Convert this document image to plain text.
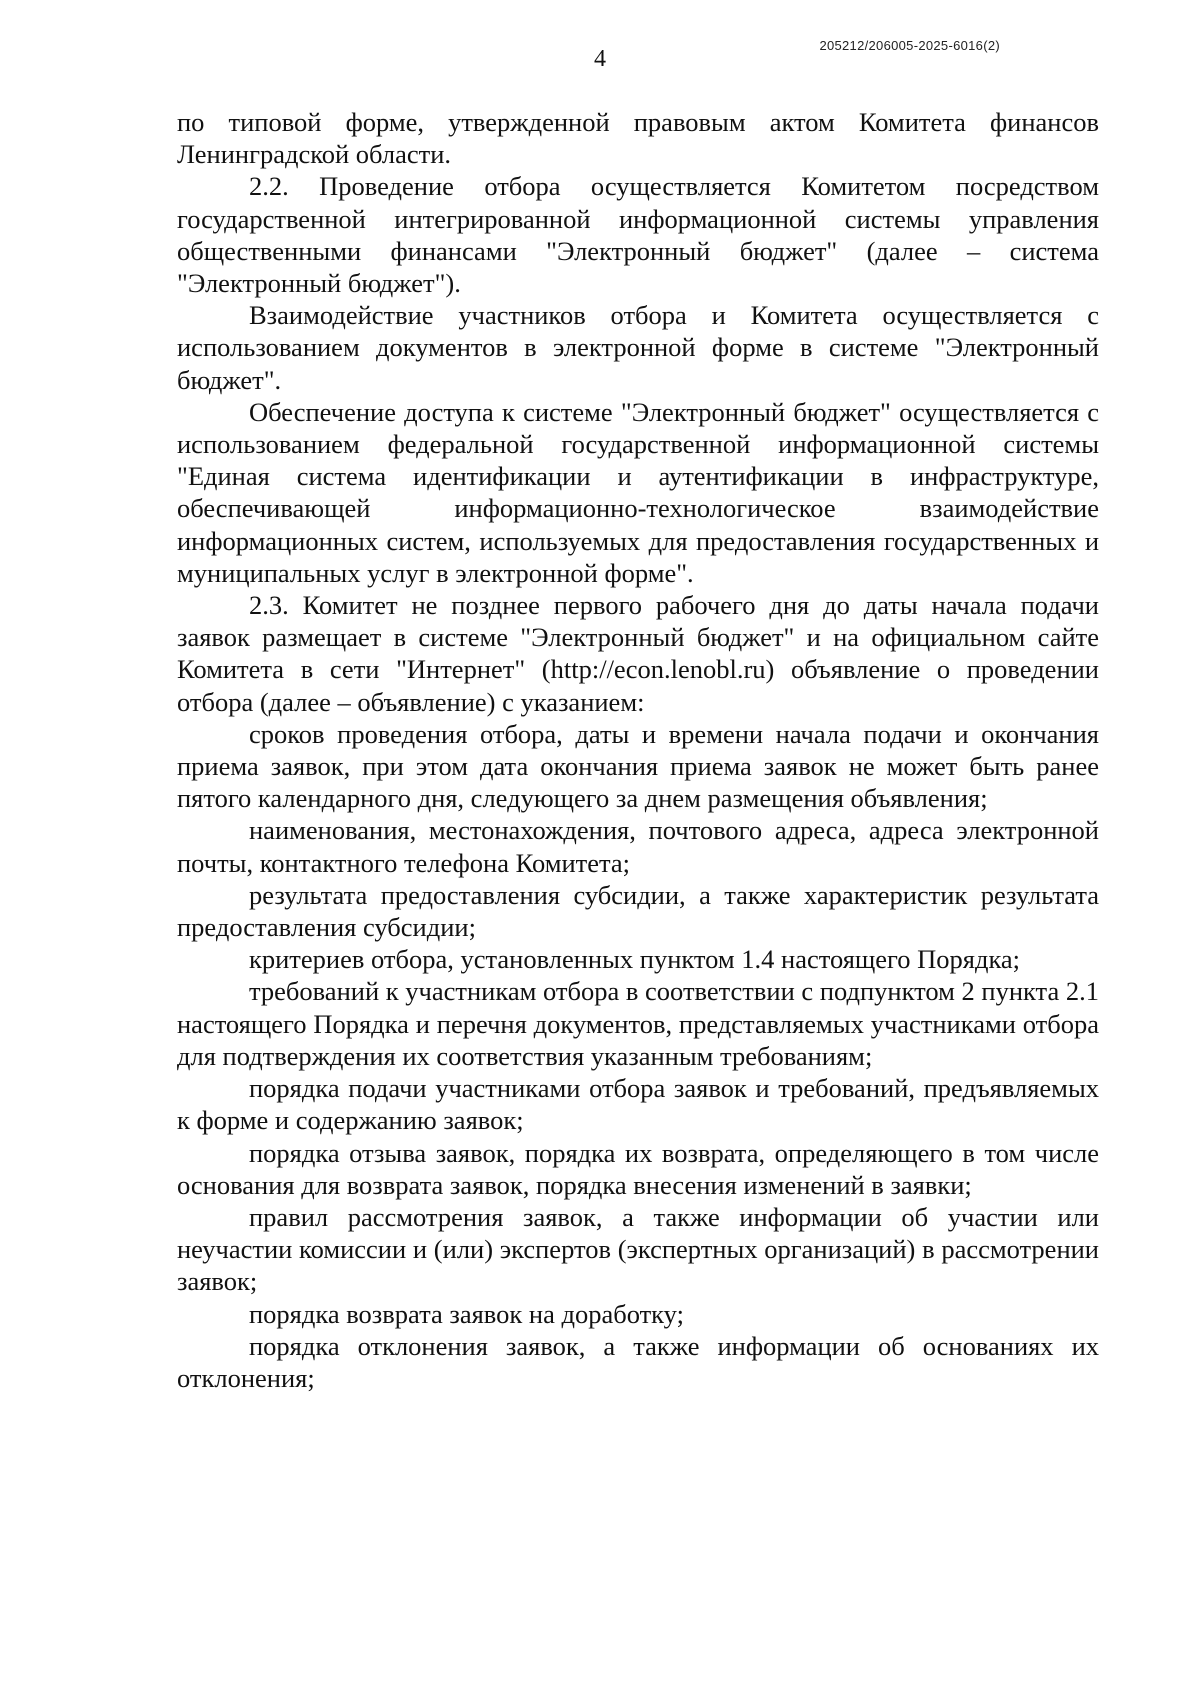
205212/206005-2025-6016(2)
4

по типовой форме, утвержденной правовым актом Комитета финансов Ленинградской области.

2.2. Проведение отбора осуществляется Комитетом посредством государственной интегрированной информационной системы управления общественными финансами "Электронный бюджет" (далее – система "Электронный бюджет").

Взаимодействие участников отбора и Комитета осуществляется с использованием документов в электронной форме в системе "Электронный бюджет".

Обеспечение доступа к системе "Электронный бюджет" осуществляется с использованием федеральной государственной информационной системы "Единая система идентификации и аутентификации в инфраструктуре, обеспечивающей информационно-технологическое взаимодействие информационных систем, используемых для предоставления государственных и муниципальных услуг в электронной форме".

2.3. Комитет не позднее первого рабочего дня до даты начала подачи заявок размещает в системе "Электронный бюджет" и на официальном сайте Комитета в сети "Интернет" (http://econ.lenobl.ru) объявление о проведении отбора (далее – объявление) с указанием:

сроков проведения отбора, даты и времени начала подачи и окончания приема заявок, при этом дата окончания приема заявок не может быть ранее пятого календарного дня, следующего за днем размещения объявления;

наименования, местонахождения, почтового адреса, адреса электронной почты, контактного телефона Комитета;

результата предоставления субсидии, а также характеристик результата предоставления субсидии;

критериев отбора, установленных пунктом 1.4 настоящего Порядка;

требований к участникам отбора в соответствии с подпунктом 2 пункта 2.1 настоящего Порядка и перечня документов, представляемых участниками отбора для подтверждения их соответствия указанным требованиям;

порядка подачи участниками отбора заявок и требований, предъявляемых к форме и содержанию заявок;

порядка отзыва заявок, порядка их возврата, определяющего в том числе основания для возврата заявок, порядка внесения изменений в заявки;

правил рассмотрения заявок, а также информации об участии или неучастии комиссии и (или) экспертов (экспертных организаций) в рассмотрении заявок;

порядка возврата заявок на доработку;

порядка отклонения заявок, а также информации об основаниях их отклонения;
